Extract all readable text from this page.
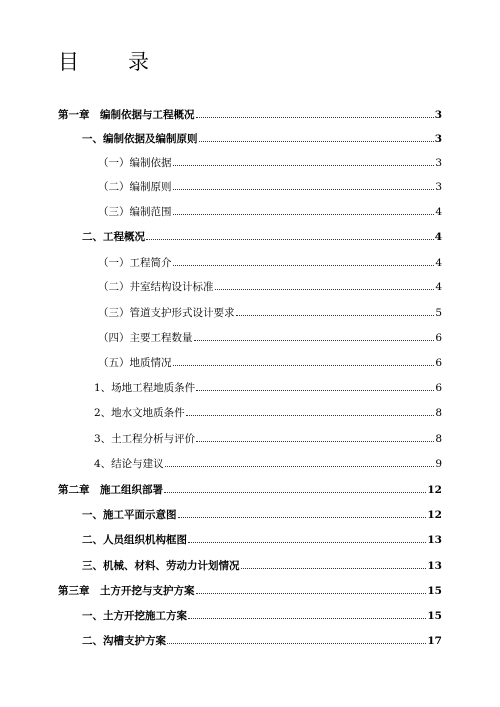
目　录
第一章　编制依据与工程概况	3
一、编制依据及编制原则	3
（一）编制依据	3
（二）编制原则	3
（三）编制范围	4
二、工程概况	4
（一）工程简介	4
（二）井室结构设计标准	4
（三）管道支护形式设计要求	5
（四）主要工程数量	6
（五）地质情况	6
1、场地工程地质条件	6
2、地水文地质条件	8
3、土工程分析与评价	8
4、结论与建议	9
第二章　施工组织部署	12
一、施工平面示意图	12
二、人员组织机构框图	13
三、机械、材料、劳动力计划情况	13
第三章　土方开挖与支护方案	15
一、土方开挖施工方案	15
二、沟槽支护方案	17
